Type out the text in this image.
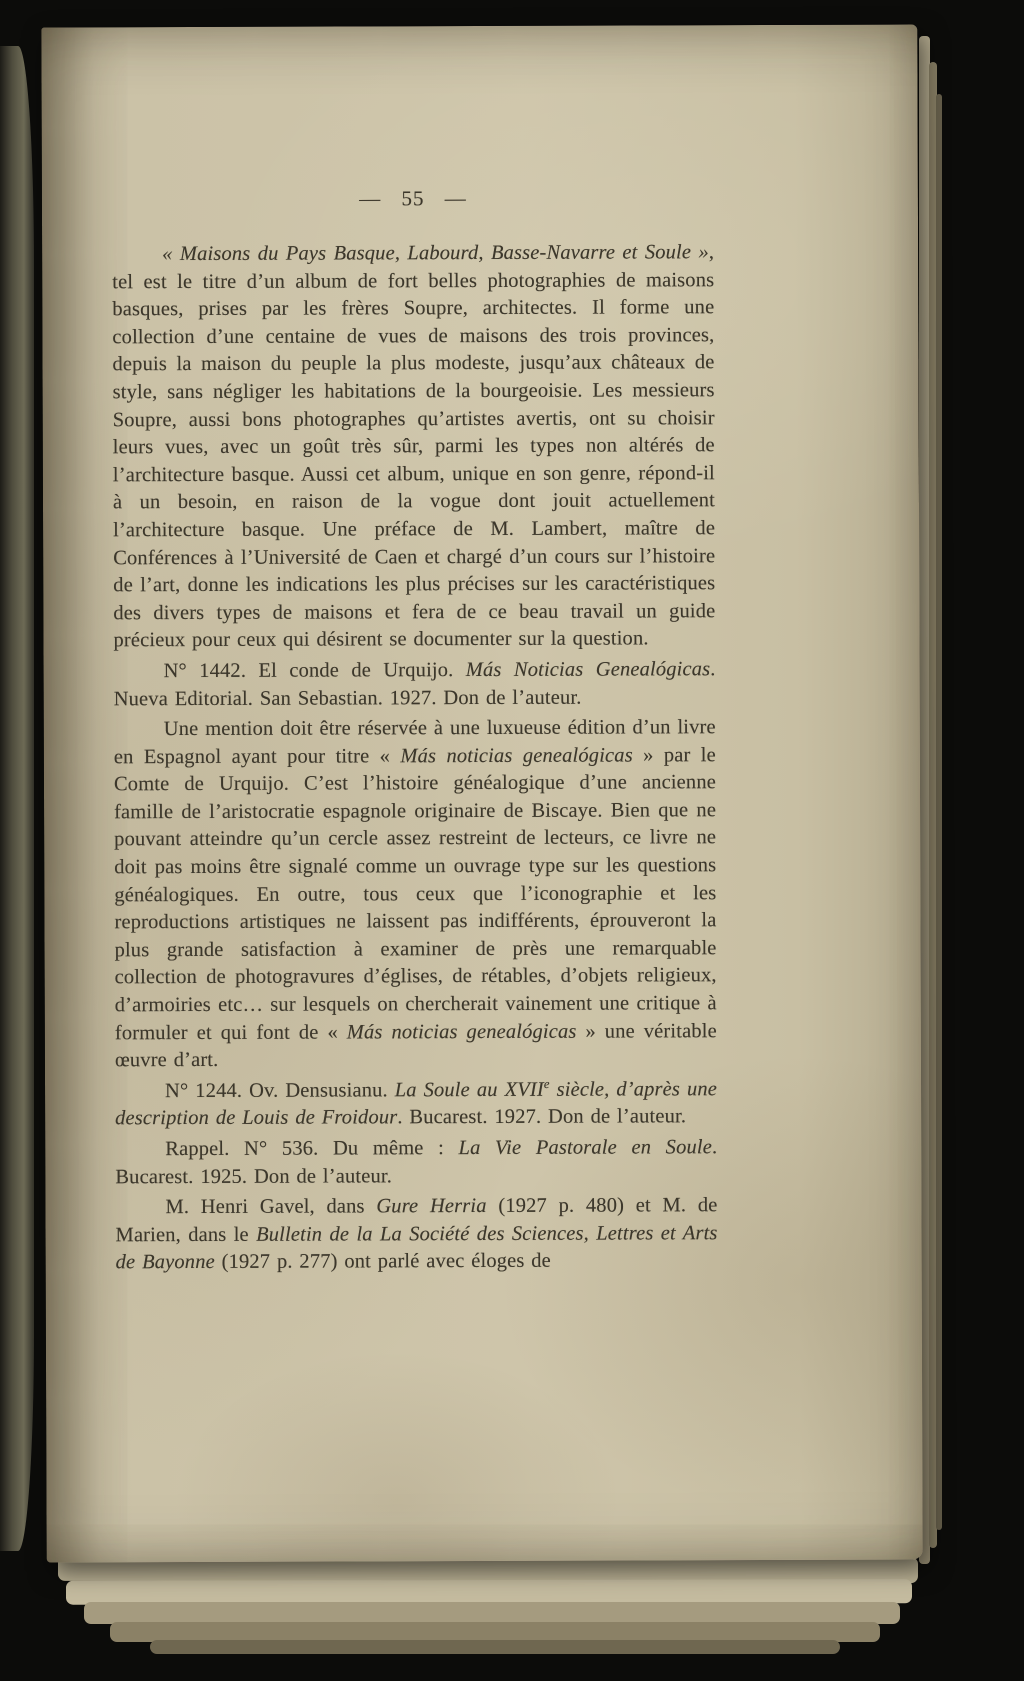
— 55 —

« Maisons du Pays Basque, Labourd, Basse-Navarre et Soule », tel est le titre d’un album de fort belles photographies de maisons basques, prises par les frères Soupre, architectes. Il forme une collection d’une centaine de vues de maisons des trois provinces, depuis la maison du peuple la plus modeste, jusqu’aux châteaux de style, sans négliger les habitations de la bourgeoisie. Les messieurs Soupre, aussi bons photographes qu’artistes avertis, ont su choisir leurs vues, avec un goût très sûr, parmi les types non altérés de l’architecture basque. Aussi cet album, unique en son genre, répond-il à un besoin, en raison de la vogue dont jouit actuellement l’architecture basque. Une préface de M. Lambert, maître de Conférences à l’Université de Caen et chargé d’un cours sur l’histoire de l’art, donne les indications les plus précises sur les caractéristiques des divers types de maisons et fera de ce beau travail un guide précieux pour ceux qui désirent se documenter sur la question.

N° 1442. El conde de Urquijo. Más Noticias Genealógicas. Nueva Editorial. San Sebastian. 1927. Don de l’auteur.

Une mention doit être réservée à une luxueuse édition d’un livre en Espagnol ayant pour titre « Más noticias genealógicas » par le Comte de Urquijo. C’est l’histoire généalogique d’une ancienne famille de l’aristocratie espagnole originaire de Biscaye. Bien que ne pouvant atteindre qu’un cercle assez restreint de lecteurs, ce livre ne doit pas moins être signalé comme un ouvrage type sur les questions généalogiques. En outre, tous ceux que l’iconographie et les reproductions artistiques ne laissent pas indifférents, éprouveront la plus grande satisfaction à examiner de près une remarquable collection de photogravures d’églises, de rétables, d’objets religieux, d’armoiries etc… sur lesquels on chercherait vainement une critique à formuler et qui font de « Más noticias genealógicas » une véritable œuvre d’art.

N° 1244. Ov. Densusianu. La Soule au XVIIe siècle, d’après une description de Louis de Froidour. Bucarest. 1927. Don de l’auteur.

Rappel. N° 536. Du même : La Vie Pastorale en Soule. Bucarest. 1925. Don de l’auteur.

M. Henri Gavel, dans Gure Herria (1927 p. 480) et M. de Marien, dans le Bulletin de la La Société des Sciences, Lettres et Arts de Bayonne (1927 p. 277) ont parlé avec éloges de
